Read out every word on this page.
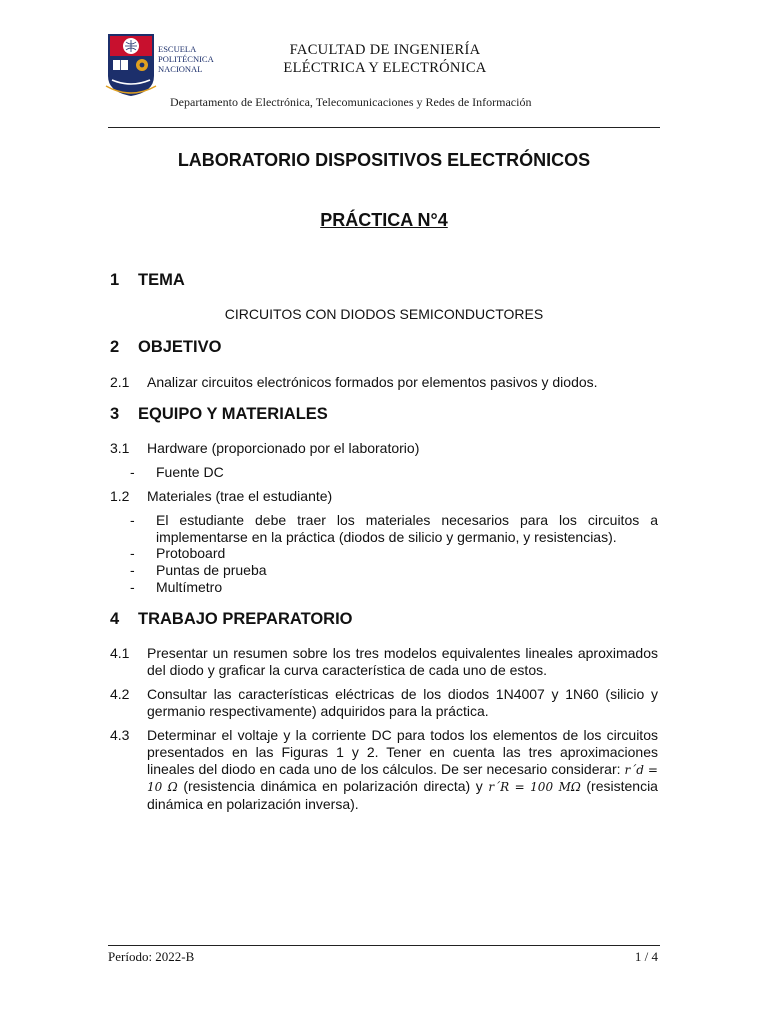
ESCUELA
POLITÉCNICA
NACIONAL
FACULTAD DE INGENIERÍA
ELÉCTRICA Y ELECTRÓNICA
Departamento de Electrónica, Telecomunicaciones y Redes de Información
LABORATORIO DISPOSITIVOS ELECTRÓNICOS
PRÁCTICA N°4
1 TEMA
CIRCUITOS CON DIODOS SEMICONDUCTORES
2 OBJETIVO
2.1 Analizar circuitos electrónicos formados por elementos pasivos y diodos.
3 EQUIPO Y MATERIALES
3.1 Hardware (proporcionado por el laboratorio)
- Fuente DC
1.2 Materiales (trae el estudiante)
- El estudiante debe traer los materiales necesarios para los circuitos a implementarse en la práctica (diodos de silicio y germanio, y resistencias).
- Protoboard
- Puntas de prueba
- Multímetro
4 TRABAJO PREPARATORIO
4.1 Presentar un resumen sobre los tres modelos equivalentes lineales aproximados del diodo y graficar la curva característica de cada uno de estos.
4.2 Consultar las características eléctricas de los diodos 1N4007 y 1N60 (silicio y germanio respectivamente) adquiridos para la práctica.
4.3 Determinar el voltaje y la corriente DC para todos los elementos de los circuitos presentados en las Figuras 1 y 2. Tener en cuenta las tres aproximaciones lineales del diodo en cada uno de los cálculos. De ser necesario considerar: r´d = 10 Ω (resistencia dinámica en polarización directa) y r´R = 100 MΩ (resistencia dinámica en polarización inversa).
Período: 2022-B	1 / 4
